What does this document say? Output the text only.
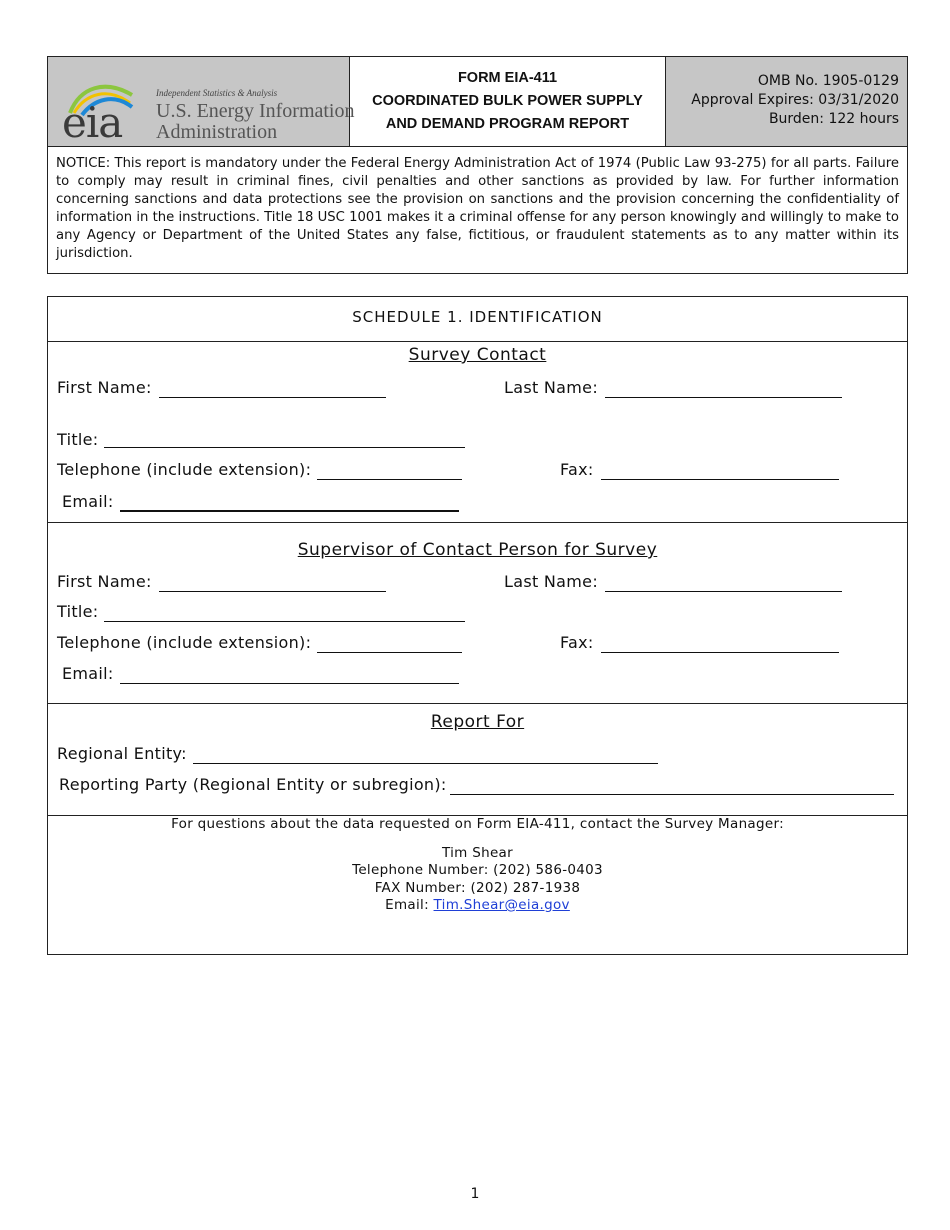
eia
Independent Statistics & Analysis
U.S. Energy Information
Administration
FORM EIA-411
COORDINATED BULK POWER SUPPLY
AND DEMAND PROGRAM REPORT
OMB No. 1905-0129
Approval Expires: 03/31/2020
Burden: 122 hours
NOTICE: This report is mandatory under the Federal Energy Administration Act of 1974 (Public Law 93-275) for all parts. Failure to comply may result in criminal fines, civil penalties and other sanctions as provided by law. For further information concerning sanctions and data protections see the provision on sanctions and the provision concerning the confidentiality of information in the instructions. Title 18 USC 1001 makes it a criminal offense for any person knowingly and willingly to make to any Agency or Department of the United States any false, fictitious, or fraudulent statements as to any matter within its jurisdiction.
SCHEDULE 1. IDENTIFICATION
Survey Contact
First Name:	Last Name:
Title:
Telephone (include extension):	Fax:
Email:
Supervisor of Contact Person for Survey
First Name:	Last Name:
Title:
Telephone (include extension):	Fax:
Email:
Report For
Regional Entity:
Reporting Party (Regional Entity or subregion):
For questions about the data requested on Form EIA-411, contact the Survey Manager:
Tim Shear
Telephone Number: (202) 586-0403
FAX Number: (202) 287-1938
Email: Tim.Shear@eia.gov
1
